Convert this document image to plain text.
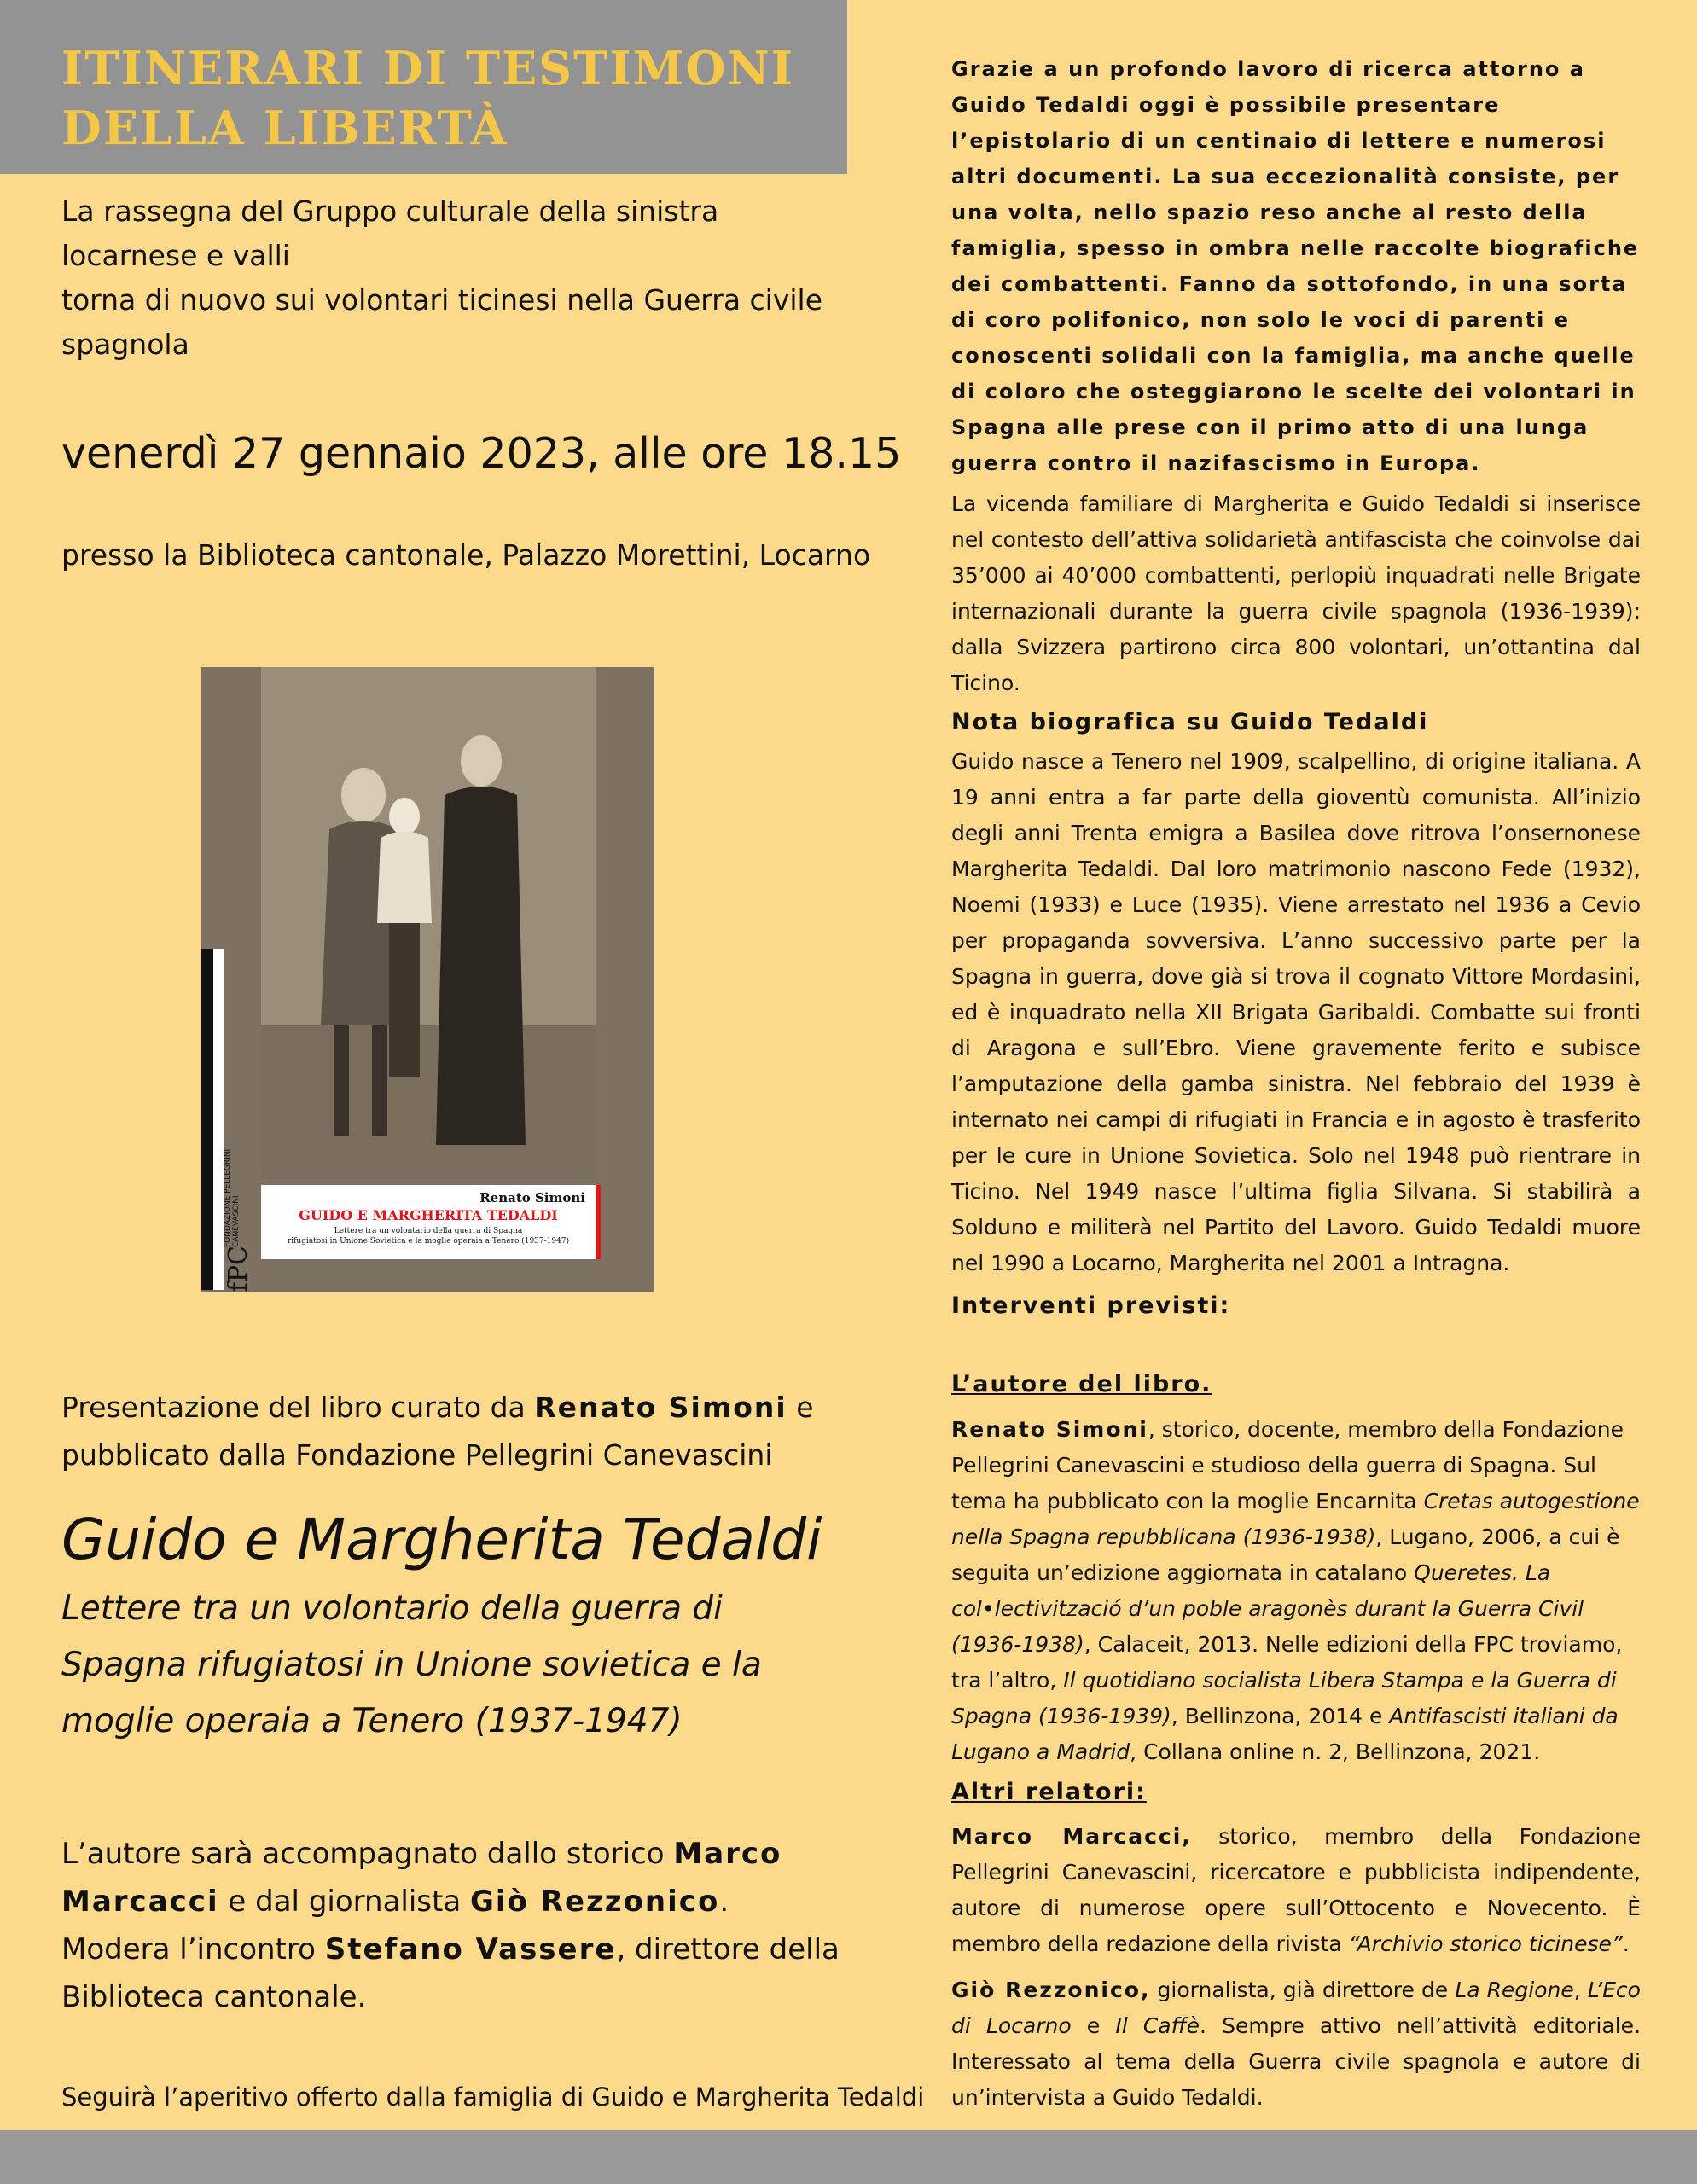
ITINERARI DI TESTIMONI
DELLA LIBERTÀ
La rassegna del Gruppo culturale della sinistra locarnese e valli
torna di nuovo sui volontari ticinesi nella Guerra civile spagnola
venerdì 27 gennaio 2023, alle ore 18.15
presso la Biblioteca cantonale, Palazzo Morettini, Locarno
FONDAZIONE PELLEGRINI CANEVASCINI
fPC
Renato Simoni
GUIDO E MARGHERITA TEDALDI
Lettere tra un volontario della guerra di Spagna
rifugiatosi in Unione Sovietica e la moglie operaia a Tenero (1937-1947)
Presentazione del libro curato da Renato Simoni e
pubblicato dalla Fondazione Pellegrini Canevascini
Guido e Margherita Tedaldi
Lettere tra un volontario della guerra di Spagna rifugiatosi in Unione sovietica e la moglie operaia a Tenero (1937-1947)
L’autore sarà accompagnato dallo storico Marco Marcacci e dal giornalista Giò Rezzonico. Modera l’incontro Stefano Vassere, direttore della Biblioteca cantonale.
Seguirà l’aperitivo offerto dalla famiglia di Guido e Margherita Tedaldi

Grazie a un profondo lavoro di ricerca attorno a Guido Tedaldi oggi è possibile presentare l’epistolario di un centinaio di lettere e numerosi altri documenti. La sua eccezionalità consiste, per una volta, nello spazio reso anche al resto della famiglia, spesso in ombra nelle raccolte biografiche dei combattenti. Fanno da sottofondo, in una sorta di coro polifonico, non solo le voci di parenti e conoscenti solidali con la famiglia, ma anche quelle di coloro che osteggiarono le scelte dei volontari in Spagna alle prese con il primo atto di una lunga guerra contro il nazifascismo in Europa.

La vicenda familiare di Margherita e Guido Tedaldi si inserisce nel contesto dell’attiva solidarietà antifascista che coinvolse dai 35’000 ai 40’000 combattenti, perlopiù inquadrati nelle Brigate internazionali durante la guerra civile spagnola (1936-1939): dalla Svizzera partirono circa 800 volontari, un’ottantina dal Ticino.

Nota biografica su Guido Tedaldi

Guido nasce a Tenero nel 1909, scalpellino, di origine italiana. A 19 anni entra a far parte della gioventù comunista. All’inizio degli anni Trenta emigra a Basilea dove ritrova l’onsernonese Margherita Tedaldi. Dal loro matrimonio nascono Fede (1932), Noemi (1933) e Luce (1935). Viene arrestato nel 1936 a Cevio per propaganda sovversiva. L’anno successivo parte per la Spagna in guerra, dove già si trova il cognato Vittore Mordasini, ed è inquadrato nella XII Brigata Garibaldi. Combatte sui fronti di Aragona e sull’Ebro. Viene gravemente ferito e subisce l’amputazione della gamba sinistra. Nel febbraio del 1939 è internato nei campi di rifugiati in Francia e in agosto è trasferito per le cure in Unione Sovietica. Solo nel 1948 può rientrare in Ticino. Nel 1949 nasce l’ultima figlia Silvana. Si stabilirà a Solduno e militerà nel Partito del Lavoro. Guido Tedaldi muore nel 1990 a Locarno, Margherita nel 2001 a Intragna.

Interventi previsti:
L’autore del libro.

Renato Simoni, storico, docente, membro della Fondazione Pellegrini Canevascini e studioso della guerra di Spagna. Sul tema ha pubblicato con la moglie Encarnita Cretas autogestione nella Spagna repubblicana (1936-1938), Lugano, 2006, a cui è seguita un’edizione aggiornata in catalano Queretes. La col•lectivització d’un poble aragonès durant la Guerra Civil (1936-1938), Calaceit, 2013. Nelle edizioni della FPC troviamo, tra l’altro, Il quotidiano socialista Libera Stampa e la Guerra di Spagna (1936-1939), Bellinzona, 2014 e Antifascisti italiani da Lugano a Madrid, Collana online n. 2, Bellinzona, 2021.

Altri relatori:

Marco Marcacci, storico, membro della Fondazione Pellegrini Canevascini, ricercatore e pubblicista indipendente, autore di numerose opere sull’Ottocento e Novecento. È membro della redazione della rivista “Archivio storico ticinese”.

Giò Rezzonico, giornalista, già direttore de La Regione, L’Eco di Locarno e Il Caffè. Sempre attivo nell’attività editoriale. Interessato al tema della Guerra civile spagnola e autore di un’intervista a Guido Tedaldi.
